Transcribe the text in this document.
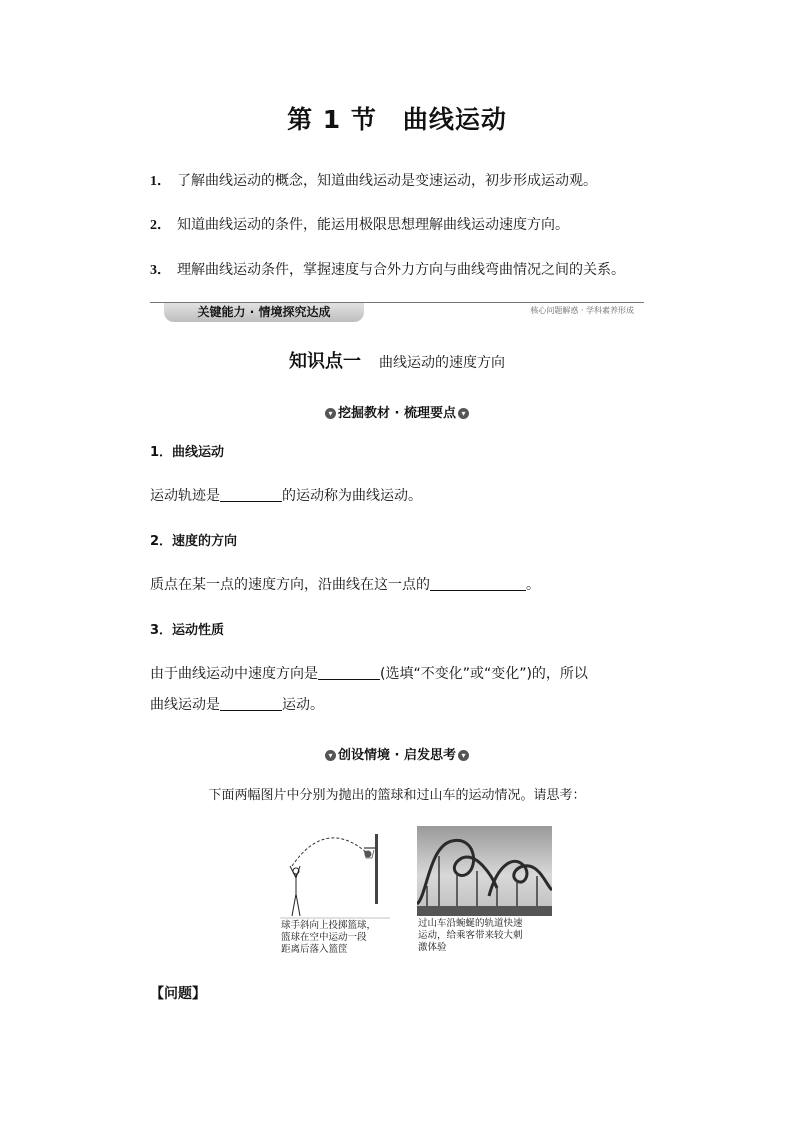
第 1 节　曲线运动
1． 了解曲线运动的概念，知道曲线运动是变速运动，初步形成运动观。
2． 知道曲线运动的条件，能运用极限思想理解曲线运动速度方向。
3． 理解曲线运动条件，掌握速度与合外力方向与曲线弯曲情况之间的关系。
关键能力 · 情境探究达成	核心问题解惑 · 学科素养形成
知识点一 曲线运动的速度方向
▾ 挖掘教材 · 梳理要点 ▾
1．曲线运动
运动轨迹是	的运动称为曲线运动。
2．速度的方向
质点在某一点的速度方向，沿曲线在这一点的	。
3．运动性质
由于曲线运动中速度方向是	(选填“不变化”或“变化”)的，所以
曲线运动是	运动。
▾ 创设情境 · 启发思考 ▾
下面两幅图片中分别为抛出的篮球和过山车的运动情况。请思考：
球手斜向上投掷篮球，
篮球在空中运动一段
距离后落入篮筐
过山车沿蜿蜒的轨道快速
运动，给乘客带来较大刺
激体验
【问题】
